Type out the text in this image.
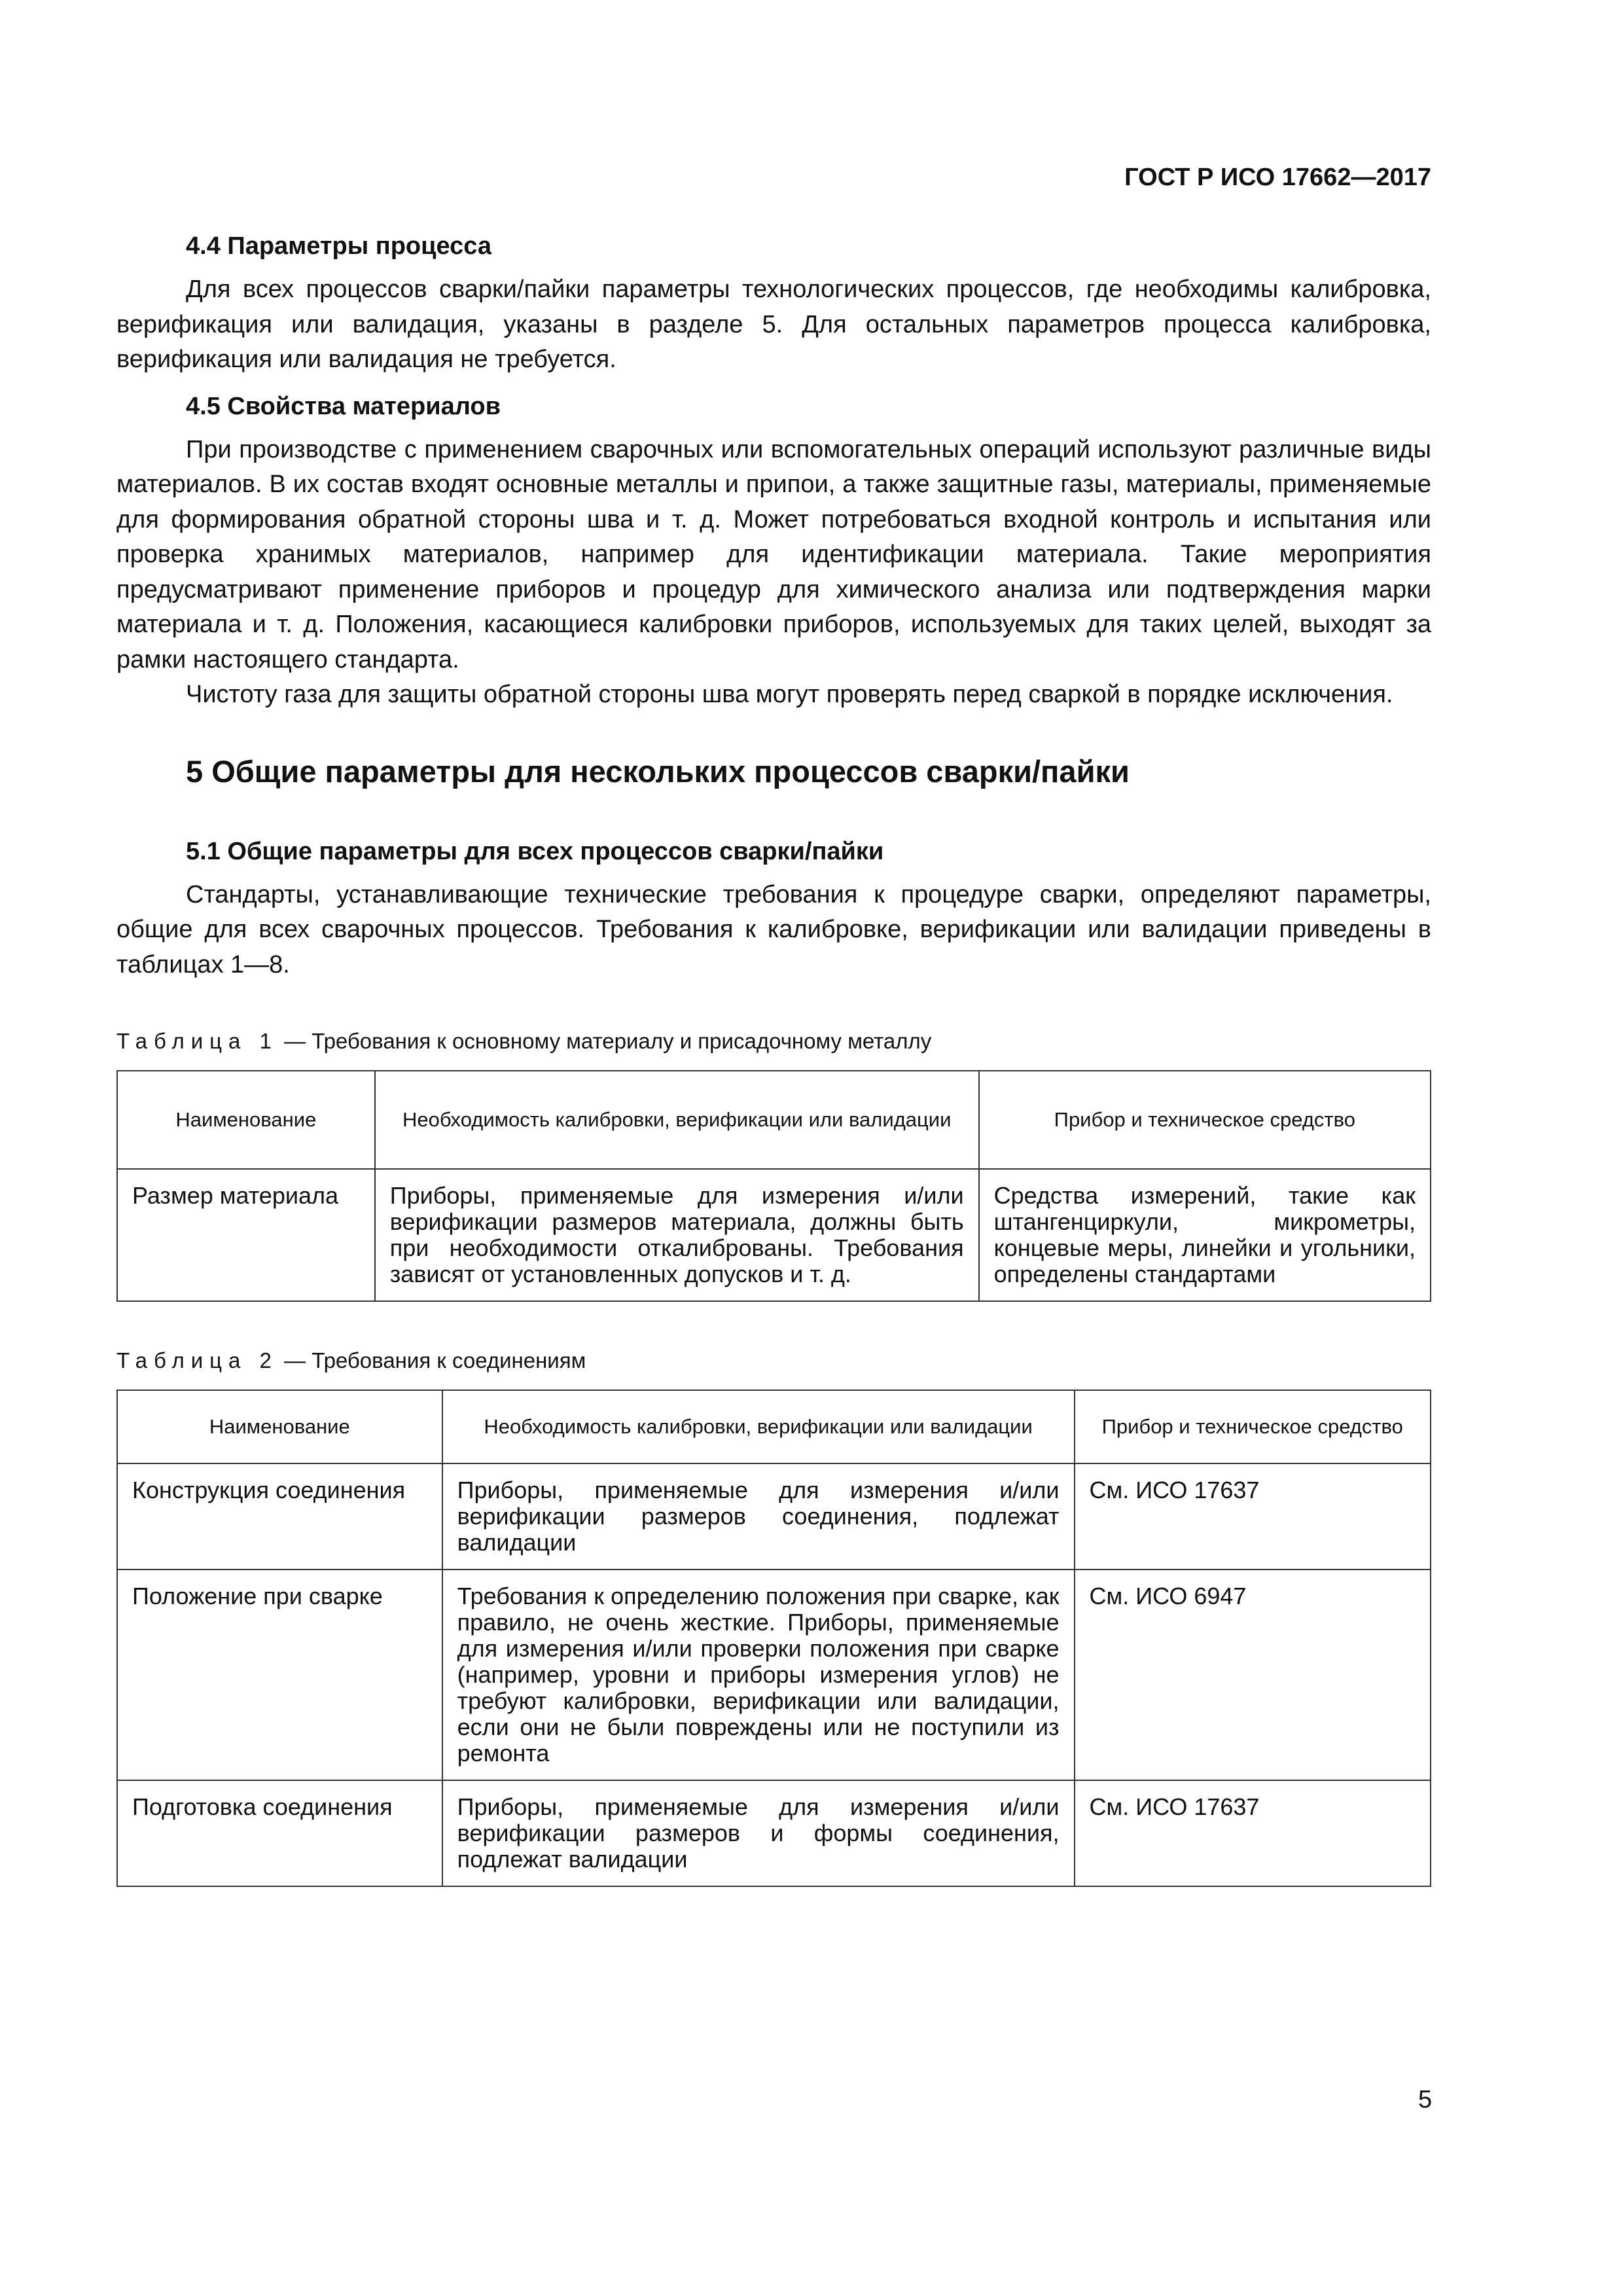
ГОСТ Р ИСО 17662—2017
4.4 Параметры процесса

Для всех процессов сварки/пайки параметры технологических процессов, где необходимы калибровка, верификация или валидация, указаны в разделе 5. Для остальных параметров процесса калибровка, верификация или валидация не требуется.

4.5 Свойства материалов

При производстве с применением сварочных или вспомогательных операций используют различные виды материалов. В их состав входят основные металлы и припои, а также защитные газы, материалы, применяемые для формирования обратной стороны шва и т. д. Может потребоваться входной контроль и испытания или проверка хранимых материалов, например для идентификации материала. Такие мероприятия предусматривают применение приборов и процедур для химического анализа или подтверждения марки материала и т. д. Положения, касающиеся калибровки приборов, используемых для таких целей, выходят за рамки настоящего стандарта.

Чистоту газа для защиты обратной стороны шва могут проверять перед сваркой в порядке исключения.

5 Общие параметры для нескольких процессов сварки/пайки
5.1 Общие параметры для всех процессов сварки/пайки

Стандарты, устанавливающие технические требования к процедуре сварки, определяют параметры, общие для всех сварочных процессов. Требования к калибровке, верификации или валидации приведены в таблицах 1—8.

Таблица 1 — Требования к основному материалу и присадочному металлу
Наименование	Необходимость калибровки, верификации или валидации	Прибор и техническое средство
Размер материала	Приборы, применяемые для измерения и/или верификации размеров материала, должны быть при необходимости откалиброваны. Требования зависят от установленных допусков и т. д.	Средства измерений, такие как штангенциркули, микрометры, концевые меры, линейки и угольники, определены стандартами
Таблица 2 — Требования к соединениям
Наименование	Необходимость калибровки, верификации или валидации	Прибор и техническое средство
Конструкция соединения	Приборы, применяемые для измерения и/или верификации размеров соединения, подлежат валидации	См. ИСО 17637
Положение при сварке	Требования к определению положения при сварке, как правило, не очень жесткие. Приборы, применяемые для измерения и/или проверки положения при сварке (например, уровни и приборы измерения углов) не требуют калибровки, верификации или валидации, если они не были повреждены или не поступили из ремонта	См. ИСО 6947
Подготовка соединения	Приборы, применяемые для измерения и/или верификации размеров и формы соединения, подлежат валидации	См. ИСО 17637
5
